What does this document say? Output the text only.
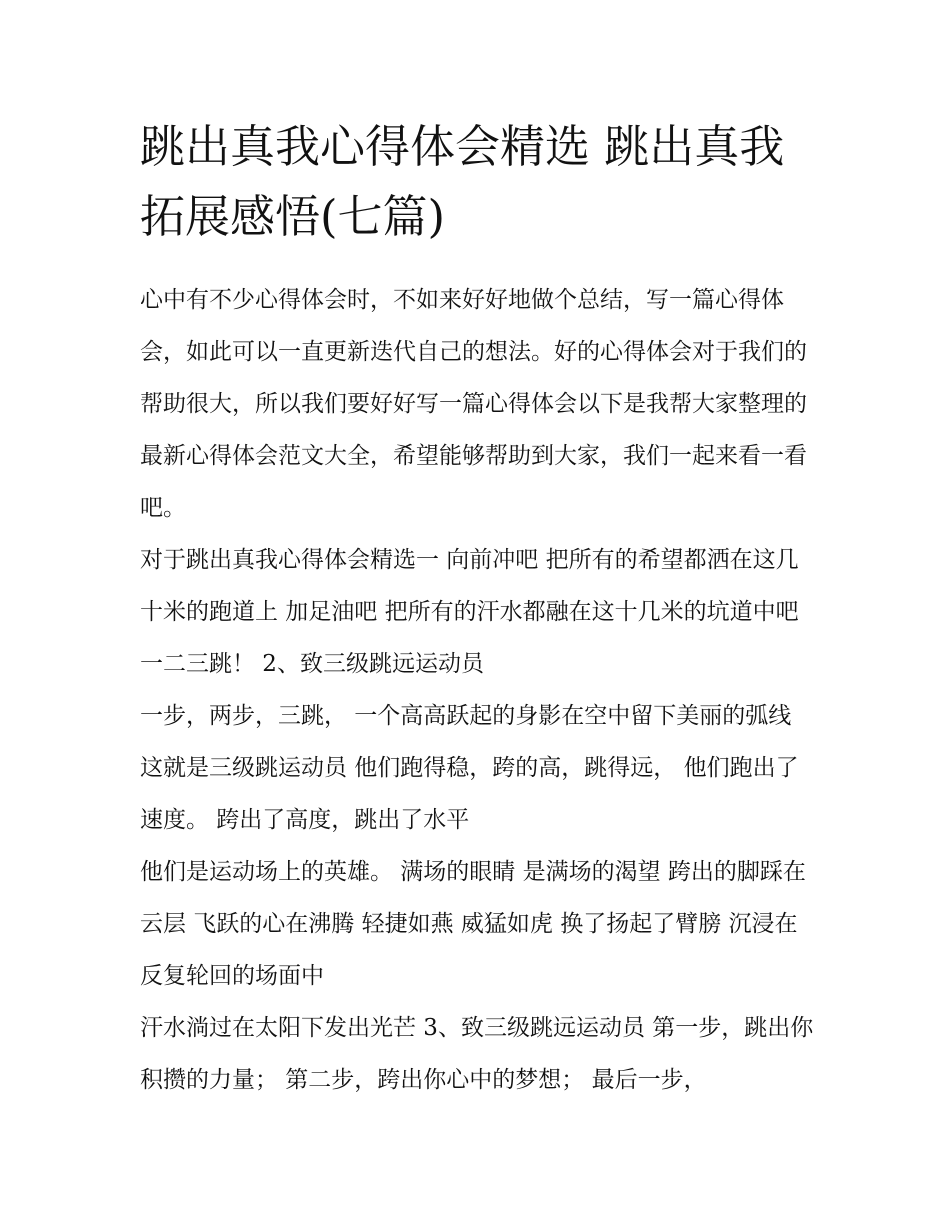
跳出真我心得体会精选 跳出真我拓展感悟(七篇)

心中有不少心得体会时，不如来好好地做个总结，写一篇心得体会，如此可以一直更新迭代自己的想法。好的心得体会对于我们的帮助很大，所以我们要好好写一篇心得体会以下是我帮大家整理的最新心得体会范文大全，希望能够帮助到大家，我们一起来看一看吧。

对于跳出真我心得体会精选一 向前冲吧 把所有的希望都洒在这几十米的跑道上 加足油吧 把所有的汗水都融在这十几米的坑道中吧 一二三跳！ 2、致三级跳远运动员

一步，两步，三跳， 一个高高跃起的身影在空中留下美丽的弧线 这就是三级跳运动员 他们跑得稳，跨的高，跳得远， 他们跑出了速度。 跨出了高度，跳出了水平

他们是运动场上的英雄。 满场的眼睛 是满场的渴望 跨出的脚踩在云层 飞跃的心在沸腾 轻捷如燕 威猛如虎 换了扬起了臂膀 沉浸在反复轮回的场面中

汗水淌过在太阳下发出光芒 3、致三级跳远运动员 第一步，跳出你积攒的力量； 第二步，跨出你心中的梦想； 最后一步，
